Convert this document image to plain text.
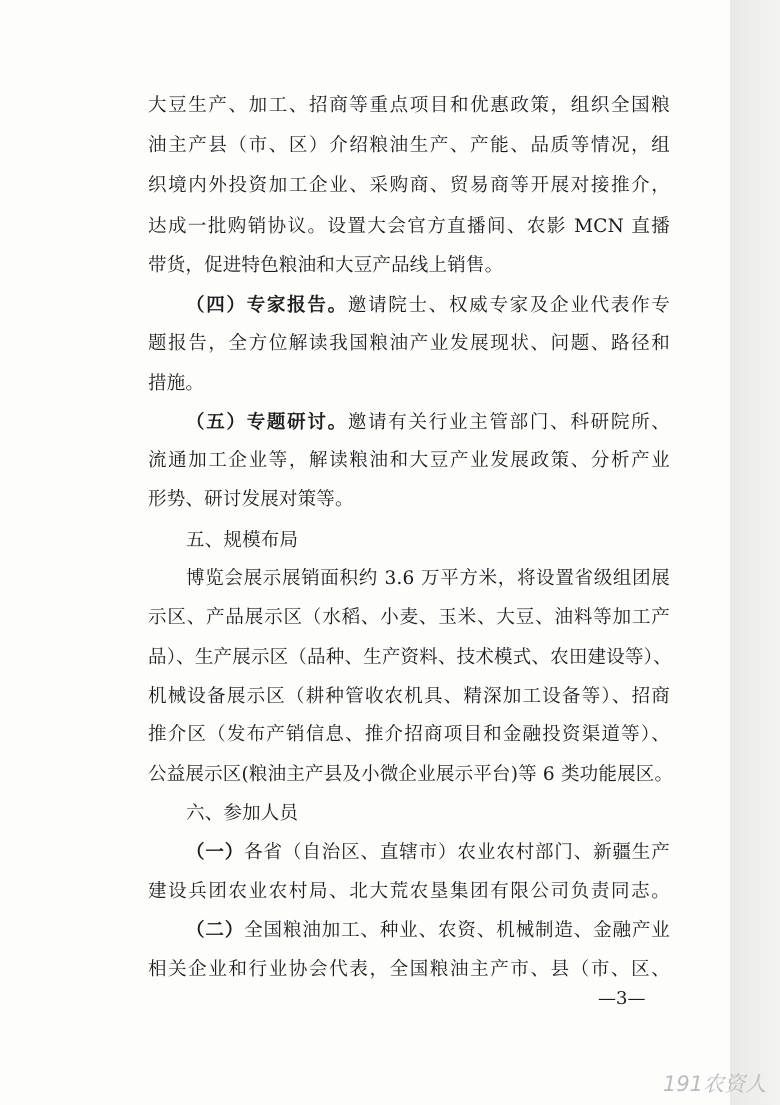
大豆生产、加工、招商等重点项目和优惠政策，组织全国粮
油主产县（市、区）介绍粮油生产、产能、品质等情况，组
织境内外投资加工企业、采购商、贸易商等开展对接推介，
达成一批购销协议。设置大会官方直播间、农影 MCN 直播
带货，促进特色粮油和大豆产品线上销售。
（四）专家报告。邀请院士、权威专家及企业代表作专
题报告，全方位解读我国粮油产业发展现状、问题、路径和
措施。
（五）专题研讨。邀请有关行业主管部门、科研院所、
流通加工企业等，解读粮油和大豆产业发展政策、分析产业
形势、研讨发展对策等。
五、规模布局
博览会展示展销面积约 3.6 万平方米，将设置省级组团展
示区、产品展示区（水稻、小麦、玉米、大豆、油料等加工产
品）、生产展示区（品种、生产资料、技术模式、农田建设等）、
机械设备展示区（耕种管收农机具、精深加工设备等）、招商
推介区（发布产销信息、推介招商项目和金融投资渠道等）、
公益展示区(粮油主产县及小微企业展示平台)等 6 类功能展区。
六、参加人员
（一）各省（自治区、直辖市）农业农村部门、新疆生产
建设兵团农业农村局、北大荒农垦集团有限公司负责同志。
（二）全国粮油加工、种业、农资、机械制造、金融产业
相关企业和行业协会代表，全国粮油主产市、县（市、区、
—3—
191农资人
